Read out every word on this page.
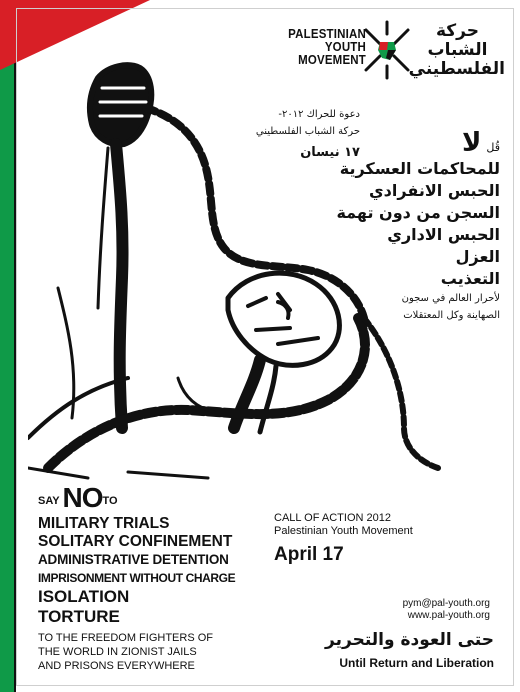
PALESTINIAN
YOUTH
MOVEMENT
حركة
الشباب
الفلسطيني
دعوة للحراك ٢٠١٢-
حركة الشباب الفلسطيني
١٧ نيسان	قُل لا
للمحاكمات العسكرية
الحبس الانفرادي
السجن من دون تهمة
الحبس الاداري
العزل
التعذيب
لأحرار العالم في سجون
الصهاينة وكل المعتقلات
SAY NOTO
MILITARY TRIALS
SOLITARY CONFINEMENT
ADMINISTRATIVE DETENTION
IMPRISONMENT WITHOUT CHARGE
ISOLATION
TORTURE
TO THE FREEDOM FIGHTERS OF
THE WORLD IN ZIONIST JAILS
AND PRISONS EVERYWHERE
CALL OF ACTION 2012
Palestinian Youth Movement
April 17
pym@pal-youth.org
www.pal-youth.org
حتى العودة والتحرير
Until Return and Liberation
